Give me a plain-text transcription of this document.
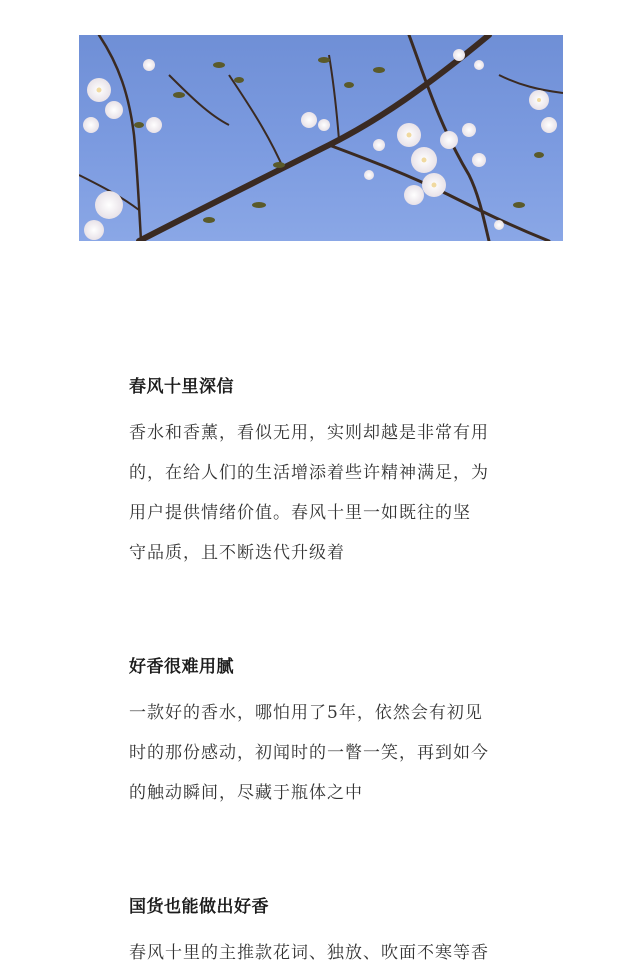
春风十里深信

香水和香薰，看似无用，实则却越是非常有用
的，在给人们的生活增添着些许精神满足，为
用户提供情绪价值。春风十里一如既往的坚
守品质，且不断迭代升级着

好香很难用腻

一款好的香水，哪怕用了5年，依然会有初见
时的那份感动，初闻时的一瞥一笑，再到如今
的触动瞬间，尽藏于瓶体之中

国货也能做出好香

春风十里的主推款花词、独放、吹面不寒等香
